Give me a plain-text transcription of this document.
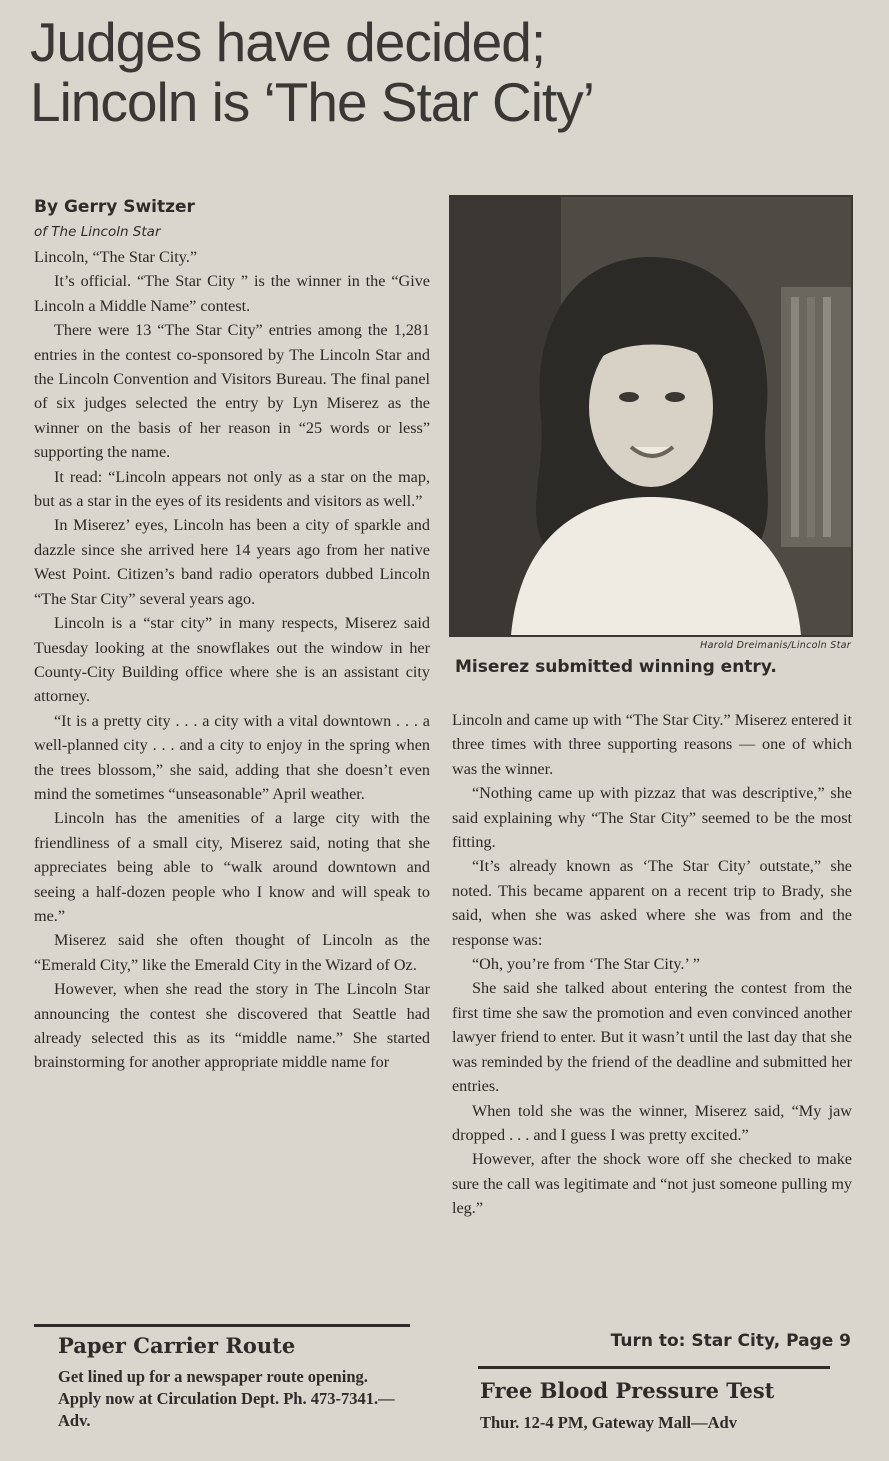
Judges have decided;
Lincoln is ‘The Star City’
By Gerry Switzer
of The Lincoln Star

Lincoln, “The Star City.”

It’s official. “The Star City ” is the winner in the “Give Lincoln a Middle Name” contest.

There were 13 “The Star City” entries among the 1,281 entries in the contest co-sponsored by The Lincoln Star and the Lincoln Convention and Visitors Bureau. The final panel of six judges selected the entry by Lyn Miserez as the winner on the basis of her reason in “25 words or less” supporting the name.

It read: “Lincoln appears not only as a star on the map, but as a star in the eyes of its residents and visitors as well.”

In Miserez’ eyes, Lincoln has been a city of sparkle and dazzle since she arrived here 14 years ago from her native West Point. Citizen’s band radio operators dubbed Lincoln “The Star City” several years ago.

Lincoln is a “star city” in many respects, Miserez said Tuesday looking at the snowflakes out the window in her County-City Building office where she is an assistant city attorney.

“It is a pretty city . . . a city with a vital downtown . . . a well-planned city . . . and a city to enjoy in the spring when the trees blossom,” she said, adding that she doesn’t even mind the sometimes “unseasonable” April weather.

Lincoln has the amenities of a large city with the friendliness of a small city, Miserez said, noting that she appreciates being able to “walk around downtown and seeing a half-dozen people who I know and will speak to me.”

Miserez said she often thought of Lincoln as the “Emerald City,” like the Emerald City in the Wizard of Oz.

However, when she read the story in The Lincoln Star announcing the contest she discovered that Seattle had already selected this as its “middle name.” She started brainstorming for another appropriate middle name for

Harold Dreimanis/Lincoln Star
Miserez submitted winning entry.

Lincoln and came up with “The Star City.” Miserez entered it three times with three supporting reasons — one of which was the winner.

“Nothing came up with pizzaz that was descriptive,” she said explaining why “The Star City” seemed to be the most fitting.

“It’s already known as ‘The Star City’ outstate,” she noted. This became apparent on a recent trip to Brady, she said, when she was asked where she was from and the response was:

“Oh, you’re from ‘The Star City.’ ”

She said she talked about entering the contest from the first time she saw the promotion and even convinced another lawyer friend to enter. But it wasn’t until the last day that she was reminded by the friend of the deadline and submitted her entries.

When told she was the winner, Miserez said, “My jaw dropped . . . and I guess I was pretty excited.”

However, after the shock wore off she checked to make sure the call was legitimate and “not just someone pulling my leg.”

Turn to: Star City, Page 9
Paper Carrier Route
Get lined up for a newspaper route opening. Apply now at Circulation Dept. Ph. 473-7341.—Adv.
Free Blood Pressure Test
Thur. 12-4 PM, Gateway Mall—Adv
